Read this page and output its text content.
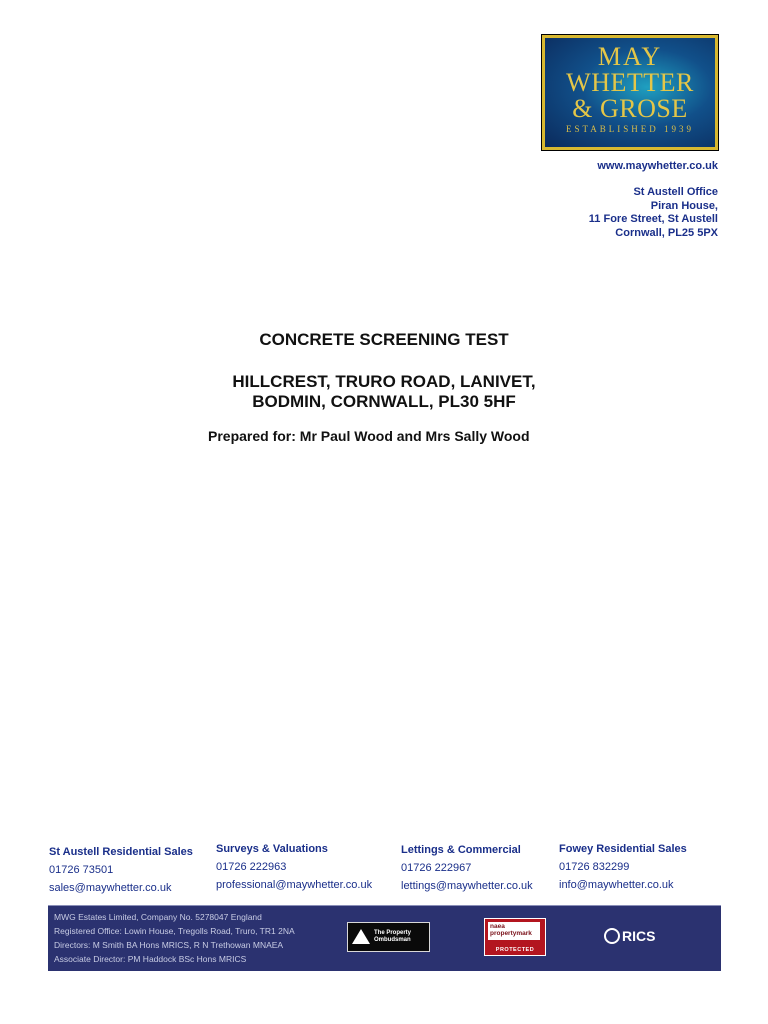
MAY
WHETTER
& GROSE
ESTABLISHED 1939
www.maywhetter.co.uk
St Austell Office
Piran House,
11 Fore Street, St Austell
Cornwall, PL25 5PX
CONCRETE SCREENING TEST
HILLCREST, TRURO ROAD, LANIVET,
BODMIN, CORNWALL, PL30 5HF
Prepared for: Mr Paul Wood and Mrs Sally Wood
St Austell Residential Sales
01726 73501
sales@maywhetter.co.uk
Surveys & Valuations
01726 222963
professional@maywhetter.co.uk
Lettings & Commercial
01726 222967
lettings@maywhetter.co.uk
Fowey Residential Sales
01726 832299
info@maywhetter.co.uk
MWG Estates Limited, Company No. 5278047 England
Registered Office: Lowin House, Tregolls Road, Truro, TR1 2NA
Directors: M Smith BA Hons MRICS, R N Trethowan MNAEA
Associate Director: PM Haddock BSc Hons MRICS
The Property
Ombudsman
naea
propertymark
PROTECTED
RICS
